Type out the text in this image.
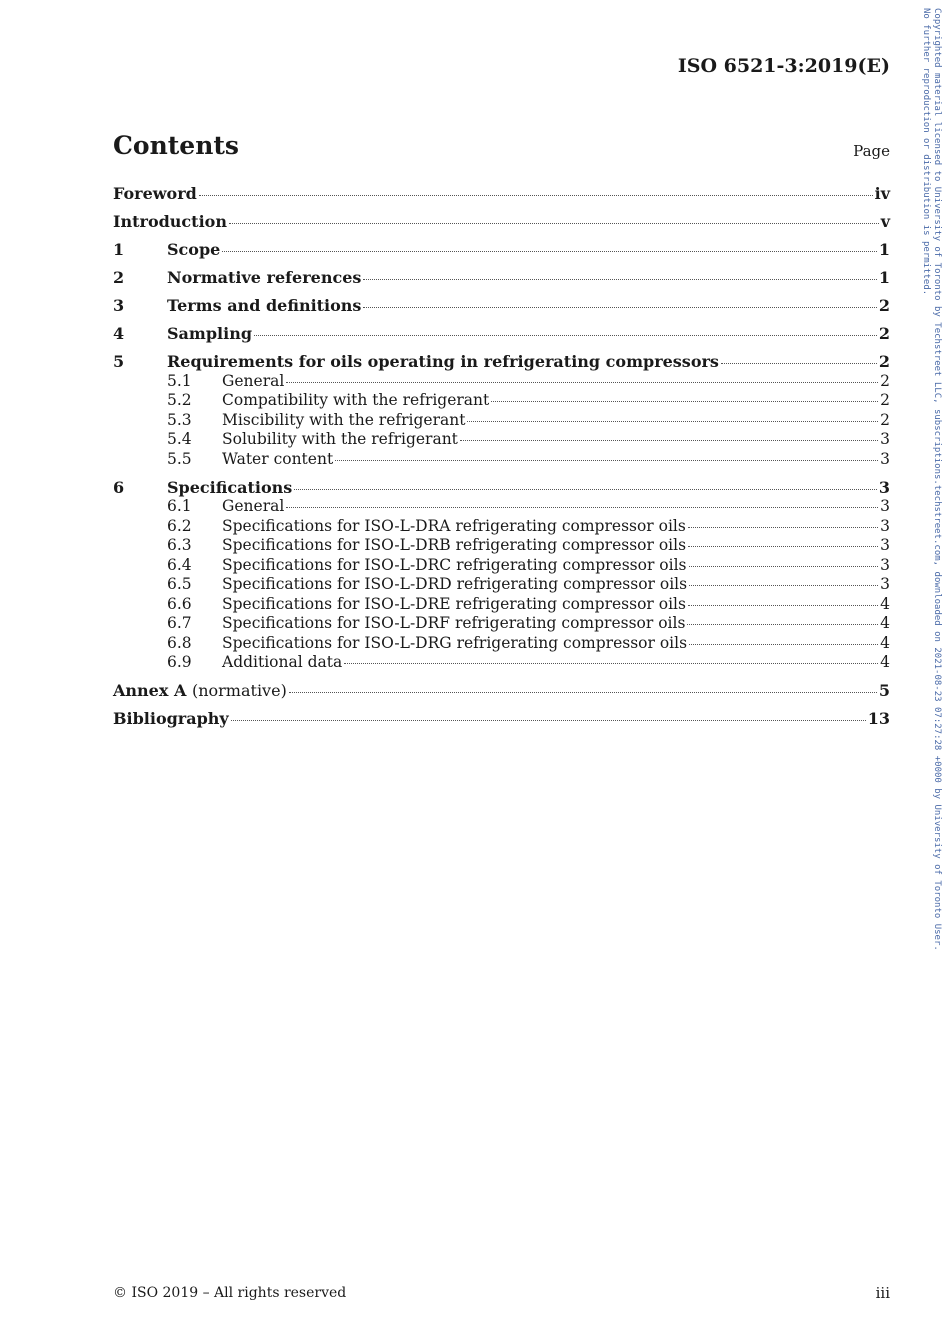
ISO 6521-3:2019(E)
Contents	Page
Foreword	iv
Introduction	v
1	Scope	1
2	Normative references	1
3	Terms and definitions	2
4	Sampling	2
5	Requirements for oils operating in refrigerating compressors	2
5.1	General	2
5.2	Compatibility with the refrigerant	2
5.3	Miscibility with the refrigerant	2
5.4	Solubility with the refrigerant	3
5.5	Water content	3
6	Specifications	3
6.1	General	3
6.2	Specifications for ISO-L-DRA refrigerating compressor oils	3
6.3	Specifications for ISO-L-DRB refrigerating compressor oils	3
6.4	Specifications for ISO-L-DRC refrigerating compressor oils	3
6.5	Specifications for ISO-L-DRD refrigerating compressor oils	3
6.6	Specifications for ISO-L-DRE refrigerating compressor oils	4
6.7	Specifications for ISO-L-DRF refrigerating compressor oils	4
6.8	Specifications for ISO-L-DRG refrigerating compressor oils	4
6.9	Additional data	4
Annex A (normative)	5
Bibliography	13	Copyrighted material licensed to University of Toronto by Techstreet LLC, subscriptions.techstreet.com, downloaded on 2021-08-23 07:27:28 +0000 by University of Toronto User.
No further reproduction or distribution is permitted.
© ISO 2019 – All rights reserved	iii
